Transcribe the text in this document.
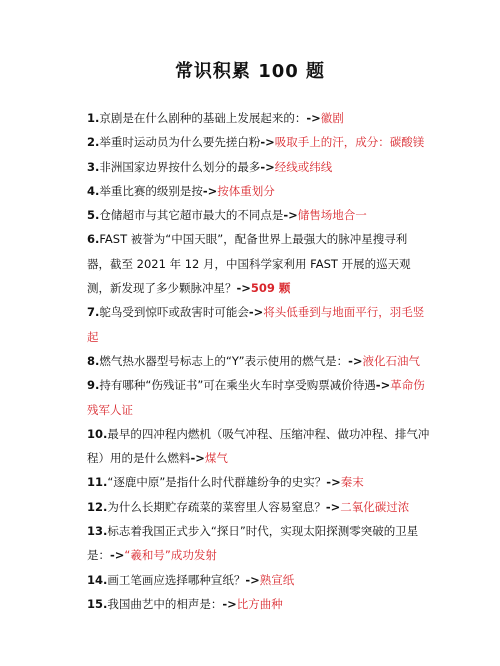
常识积累 100 题
1.京剧是在什么剧种的基础上发展起来的：->徽剧
2.举重时运动员为什么要先搓白粉->吸取手上的汗，成分：碳酸镁
3.非洲国家边界按什么划分的最多->经线或纬线
4.举重比赛的级别是按->按体重划分
5.仓储超市与其它超市最大的不同点是->储售场地合一
6.FAST 被誉为“中国天眼”，配备世界上最强大的脉冲星搜寻利器，截至 2021 年 12 月，中国科学家利用 FAST 开展的巡天观测，新发现了多少颗脉冲星？->509 颗
7.鸵鸟受到惊吓或敌害时可能会->将头低垂到与地面平行，羽毛竖起
8.燃气热水器型号标志上的“Y”表示使用的燃气是：->液化石油气
9.持有哪种“伤残证书”可在乘坐火车时享受购票减价待遇->革命伤残军人证
10.最早的四冲程内燃机（吸气冲程、压缩冲程、做功冲程、排气冲程）用的是什么燃料->煤气
11.“逐鹿中原”是指什么时代群雄纷争的史实？->秦末
12.为什么长期贮存疏菜的菜窖里人容易窒息？->二氧化碳过浓
13.标志着我国正式步入“探日”时代，实现太阳探测零突破的卫星是：->“羲和号”成功发射
14.画工笔画应选择哪种宣纸？->熟宣纸
15.我国曲艺中的相声是：->比方曲种
